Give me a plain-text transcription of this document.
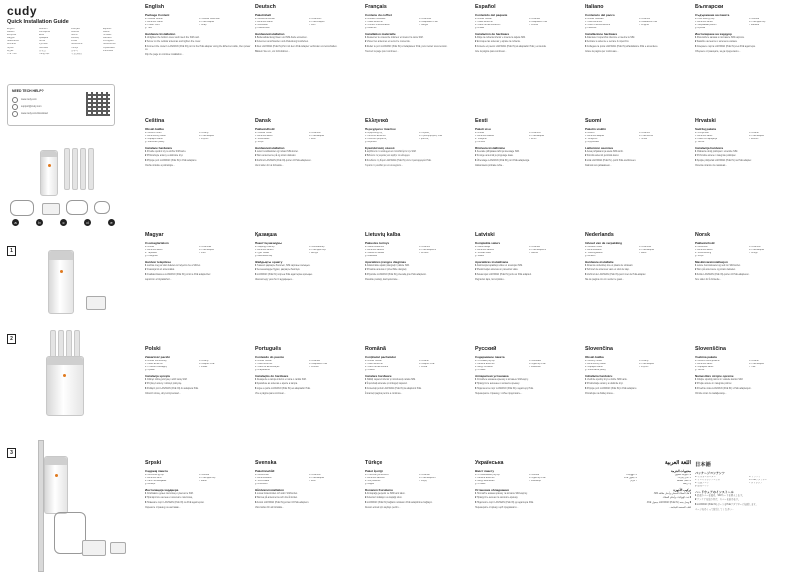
cudy
Quick Installation Guide
English	Deutsch	Français	Español
Italiano	Български	Čeština	Dansk
Ελληνικά	Eesti	Suomi	Hrvatski
Magyar	Қазақша	Lietuvių	Latviešu
Nederlands	Norsk	Polski	Português
Română	Русский	Slovenčina	Slovenščina
Srpski	Svenska	Türkçe	Українська
العربية	日本語	한국어	Indonesia
ภาษาไทย	Tiếng Việt	中文(繁體)
NEED TECH HELP?
www.cudy.com
support@cudy.com
www.cudy.com/download
a	b	c	d	e
1
2
3
English
Package Content
a. Cellular Router	b. Cellular Antennas
c. Ethernet Cable	d. PoE Adapter
e. Power Cord	f. Strap
g. Ties
Hardware Installation
1 Untighten the bottom cover and insert the SIM card.
2 Screw on the cellular antennas and tighten the cover.
3 Connect the router's LAN/WAN (PoE IN) port to the PoE adapter using the Ethernet cable, then power on.
Flip the page to continue installation...
Deutsch
Paketinhalt
a. Mobilfunk-Router	b. Antennen
c. Ethernet-Kabel	d. PoE-Adapter
e. Netzkabel	f. Gurt
g. Kabelbinder
Hardwareinstallation
1 Bodenabdeckung lösen und SIM-Karte einsetzen.
2 Antennen anschrauben und Abdeckung festziehen.
3 Den LAN/WAN (PoE IN)-Port mit dem PoE-Adapter verbinden und einschalten.
Blättern Sie um, um fortzufahren...
Français
Contenu du coffret
a. Routeur cellulaire	b. Antennes
c. Câble Ethernet	d. Adaptateur PoE
e. Cordon d'alimentation	f. Sangle
g. Attaches
Installation matérielle
1 Desserrez le couvercle inférieur et insérez la carte SIM.
2 Vissez les antennes et serrez le couvercle.
3 Reliez le port LAN/WAN (PoE IN) à l'adaptateur PoE, puis mettez sous tension.
Tournez la page pour continuer...
Español
Contenido del paquete
a. Router celular	b. Antenas
c. Cable Ethernet	d. Adaptador PoE
e. Cable de alimentación	f. Correa
g. Bridas
Instalación de hardware
1 Afloje la cubierta inferior e inserte la tarjeta SIM.
2 Enrosque las antenas y apriete la cubierta.
3 Conecte el puerto LAN/WAN (PoE IN) al adaptador PoE y encienda.
Gire la página para continuar...
Italiano
Contenuto del pacco
a. Router cellulare	b. Antenne
c. Cavo Ethernet	d. Adattatore PoE
e. Cavo di alimentazione	f. Cinghia
g. Fascette
Installazione hardware
1 Allentare il coperchio inferiore e inserire la SIM.
2 Avvitare le antenne e serrare il coperchio.
3 Collegare la porta LAN/WAN (PoE IN) all'adattatore PoE e accendere.
Girare la pagina per continuare...
Български
Съдържание на пакета
a. Клетъчен рутер	b. Антени
c. Ethernet кабел	d. PoE адаптер
e. Захранващ кабел	f. Каишка
g. Връзки
Инсталиране на хардуер
1 Разхлабете капака и поставете SIM картата.
2 Завийте антените и затегнете капака.
3 Свържете порта LAN/WAN (PoE IN) към PoE адаптера.
Обърнете страницата, за да продължите...
Čeština
Obsah balíku
a. Mobilní router	b. Antény
c. Ethernetový kabel	d. PoE adaptér
e. Napájecí kabel	f. Popruh
g. Stahovací pásky
Instalace hardwaru
1 Povolte spodní kryt a vložte SIM kartu.
2 Přišroubujte antény a utáhněte kryt.
3 Připojte port LAN/WAN (PoE IN) k PoE adaptéru.
Otočte stránku a pokračujte...
Dansk
Pakkeindhold
a. Cellular router	b. Antenner
c. Ethernet-kabel	d. PoE-adapter
e. Strømkabel	f. Rem
g. Strips
Hardwareinstallation
1 Løsn bunddækslet og indsæt SIM-kortet.
2 Skru antennerne på og stram dækslet.
3 Forbind LAN/WAN (PoE IN)-porten til PoE-adapteren.
Vend siden for at fortsætte...
Ελληνικά
Περιεχόμενο πακέτου
a. Δρομολογητής	b. Κεραίες
c. Καλώδιο Ethernet	d. Προσαρμογέας PoE
e. Καλώδιο ρεύματος	f. Ιμάντας
g. Δεματικά
Εγκατάσταση υλικού
1 Ξεβιδώστε το κάλυμμα και τοποθετήστε την SIM.
2 Βιδώστε τις κεραίες και σφίξτε το κάλυμμα.
3 Συνδέστε τη θύρα LAN/WAN (PoE IN) στον προσαρμογέα PoE.
Γυρίστε τη σελίδα για να συνεχίσετε...
Eesti
Paketi sisu
a. Ruuter	b. Antennid
c. Etherneti kaabel	d. PoE-adapter
e. Toitejuhe	f. Rihm
g. Kinnitid
Riistvara installimine
1 Keerake põhjakaas lahti ja sisestage SIM.
2 Kruvige antennid ja pingutage kaas.
3 Ühendage LAN/WAN (PoE IN) port PoE-adapteriga.
Jätkamiseks pöörake lehte...
Suomi
Paketin sisältö
a. Reititin	b. Antennit
c. Ethernet-kaapeli	d. PoE-sovitin
e. Virtajohto	f. Hihna
g. Nippusiteet
Laitteiston asennus
1 Avaa pohjakansi ja aseta SIM-kortti.
2 Kiinnitä antennit ja kiristä kansi.
3 Liitä LAN/WAN (PoE IN) -portti PoE-sovittimeen.
Käännä sivu jatkaaksesi...
Hrvatski
Sadržaj paketa
a. Usmjerivač	b. Antene
c. Ethernet kabel	d. PoE adapter
e. Kabel za napajanje	f. Remen
g. Vezice
Instalacija hardvera
1 Olabavite donji poklopac i umetnite SIM.
2 Pričvrstite antene i zategnite poklopac.
3 Spojite priključak LAN/WAN (PoE IN) na PoE adapter.
Okrenite stranicu za nastavak...
Magyar
Csomagtartalom
a. Router	b. Antennák
c. Ethernet-kábel	d. PoE adapter
e. Tápkábel	f. Pánt
g. Kötegelők
Hardver telepítése
1 Lazítsa meg az alsó fedelet és helyezze be a SIM-et.
2 Csavarja fel az antennákat.
3 Csatlakoztassa a LAN/WAN (PoE IN) portot a PoE adapterhez.
Lapozzon a folytatáshoz...
Қазақша
Пакеттің мазмұны
a. Маршрутизатор	b. Антенналар
c. Ethernet кабелі	d. PoE адаптері
e. Қуат сымы	f. Белдік
g. Байлағыштар
Жабдықты орнату
1 Төменгі қақпақты босатып, SIM картаны салыңыз.
2 Антенналарды бұрап, қақпақты бекітіңіз.
3 LAN/WAN (PoE IN) портын PoE адаптеріне қосыңыз.
Жалғастыру үшін бетті аударыңыз...
Lietuvių kalba
Pakuotės turinys
a. Maršrutizatorius	b. Antenos
c. Ethernet kabelis	d. PoE adapteris
e. Maitinimo laidas	f. Dirželis
g. Raišteliai
Aparatinės įrangos diegimas
1 Atlaisvinkite apatinį dangtelį ir įdėkite SIM.
2 Prisukite antenas ir priveržkite dangtelį.
3 Prijunkite LAN/WAN (PoE IN) prievadą prie PoE adapterio.
Pasukite puslapį, kad tęstumėte...
Latviski
Komplekta saturs
a. Maršrutētājs	b. Antenas
c. Ethernet kabelis	d. PoE adapteris
e. Strāvas vads	f. Siksna
g. Saites
Aparatūras instalēšana
1 Atskrūvējiet apakšējo vāku un ievietojiet SIM.
2 Pieskrūvējiet antenas un pievelciet vāku.
3 Savienojiet LAN/WAN (PoE IN) portu ar PoE adapteri.
Pagrieziet lapu, lai turpinātu...
Nederlands
Inhoud van de verpakking
a. Mobiele router	b. Antennes
c. Ethernetkabel	d. PoE-adapter
e. Voedingskabel	f. Band
g. Binders
Hardware-installatie
1 Draai de onderklep los en plaats de simkaart.
2 Schroef de antennes vast en sluit de klep.
3 Verbind de LAN/WAN (PoE IN)-poort met de PoE-adapter.
Sla de pagina om om verder te gaan...
Norsk
Pakkeinnhold
a. Mobilruter	b. Antenner
c. Ethernet-kabel	d. PoE-adapter
e. Strømledning	f. Stropp
g. Strips
Maskinvareinstallasjon
1 Løsne bunndekselet og sett inn SIM-kortet.
2 Skru på antennene og stram dekselet.
3 Koble LAN/WAN (PoE IN)-porten til PoE-adapteren.
Snu siden for å fortsette...
Polski
Zawartość paczki
a. Router komórkowy	b. Anteny
c. Kabel Ethernet	d. Adapter PoE
e. Przewód zasilający	f. Pasek
g. Opaski
Instalacja sprzętu
1 Odkręć dolną pokrywę i włóż kartę SIM.
2 Przykręć anteny i dokręć pokrywę.
3 Podłącz port LAN/WAN (PoE IN) do adaptera PoE.
Odwróć stronę, aby kontynuować...
Português
Conteúdo do pacote
a. Router celular	b. Antenas
c. Cabo Ethernet	d. Adaptador PoE
e. Cabo de alimentação	f. Correia
g. Braçadeiras
Instalação do hardware
1 Desaperte a tampa inferior e insira o cartão SIM.
2 Aparafuse as antenas e aperte a tampa.
3 Ligue a porta LAN/WAN (PoE IN) ao adaptador PoE.
Vire a página para continuar...
Română
Conținutul pachetului
a. Router celular	b. Antene
c. Cablu Ethernet	d. Adaptor PoE
e. Cablu de alimentare	f. Curea
g. Coliere
Instalare hardware
1 Slăbiți capacul inferior și introduceți cartela SIM.
2 Înșurubați antenele și strângeți capacul.
3 Conectați portul LAN/WAN (PoE IN) la adaptorul PoE.
Întoarceți pagina pentru a continua...
Русский
Содержимое пакета
a. Сотовый роутер	b. Антенны
c. Кабель Ethernet	d. Адаптер PoE
e. Шнур питания	f. Ремешок
g. Стяжки
Аппаратная установка
1 Ослабьте нижнюю крышку и вставьте SIM-карту.
2 Прикрутите антенны и затяните крышку.
3 Подключите порт LAN/WAN (PoE IN) к адаптеру PoE.
Переверните страницу, чтобы продолжить...
Slovenčina
Obsah balíka
a. Mobilný router	b. Antény
c. Ethernetový kábel	d. PoE adaptér
e. Napájací kábel	f. Popruh
g. Sťahovacie pásky
Inštalácia hardvéru
1 Uvoľnite spodný kryt a vložte SIM kartu.
2 Priskrutkujte antény a utiahnite kryt.
3 Pripojte port LAN/WAN (PoE IN) k PoE adaptéru.
Pokračujte na ďalšej strane...
Slovenščina
Vsebina paketa
a. Mobilni usmerjevalnik	b. Antene
c. Ethernet kabel	d. PoE adapter
e. Napajalni kabel	f. Trak
g. Vezice
Namestitev strojne opreme
1 Odvijte spodnji pokrov in vstavite kartico SIM.
2 Privijte antene in zategnite pokrov.
3 Povežite vrata LAN/WAN (PoE IN) s PoE adapterjem.
Obrnite stran za nadaljevanje...
Srpski
Садржај пакета
a. Мобилни рутер	b. Антене
c. Ethernet кабл	d. PoE адаптер
e. Кабл за напајање	f. Каиш
g. Везице
Инсталација хардвера
1 Олабавите доњи поклопац и уметните SIM.
2 Причврстите антене и затегните поклопац.
3 Повежите порт LAN/WAN (PoE IN) са PoE адаптером.
Окрените страницу за наставак...
Svenska
Paketinnehåll
a. Mobilrouter	b. Antenner
c. Ethernetkabel	d. PoE-adapter
e. Strömsladd	f. Rem
g. Buntband
Hårdvaruinstallation
1 Lossa bottenlocket och sätt i SIM-kortet.
2 Skruva på antennerna och dra åt locket.
3 Anslut LAN/WAN (PoE IN)-porten till PoE-adaptern.
Vänd sidan för att fortsätta...
Türkçe
Paket İçeriği
a. Hücresel yönlendirici	b. Antenler
c. Ethernet kablosu	d. PoE adaptörü
e. Güç kablosu	f. Kayış
g. Bağlar
Donanım Kurulumu
1 Alt kapağı gevşetin ve SIM kartı takın.
2 Antenleri vidalayın ve kapağı sıkın.
3 LAN/WAN (PoE IN) bağlantı noktasını PoE adaptörüne bağlayın.
Devam etmek için sayfayı çevirin...
Українська
Вміст пакету
a. Стільниковий роутер	b. Антени
c. Кабель Ethernet	d. Адаптер PoE
e. Шнур живлення	f. Ремінець
g. Стяжки
Установка обладнання
1 Послабте нижню кришку та вставте SIM-картку.
2 Прикрутіть антени та затягніть кришку.
3 Підключіть порт LAN/WAN (PoE IN) до адаптера PoE.
Переверніть сторінку, щоб продовжити...
اللغة العربية
محتويات الحزمة
a. الموجه الخلوي
b. الهوائيات
c. كابل إيثرنت
d. محول PoE
e. سلك الطاقة
f. حزام
g. أربطة
تركيب الأجهزة
1 فك الغطاء السفلي وأدخل بطاقة SIM.
2 ثبت الهوائيات وأحكم الغطاء.
3 وصل منفذ LAN/WAN (PoE IN) بمحول PoE.
اقلب الصفحة للمتابعة...
日本語
パッケージコンテンツ
a. セルラールーター	b. アンテナ
c. イーサネットケーブル	d. PoEアダプター
e. 電源コード	f. ストラップ
g. 結束バンド
ハードウェアのインストール
1 底部カバーを緩め、SIMカードを挿入します。
2 アンテナを取り付け、カバーを締めます。
3 LAN/WAN (PoE IN) ポートをPoEアダプターに接続します。
ページをめくって続行してください...
